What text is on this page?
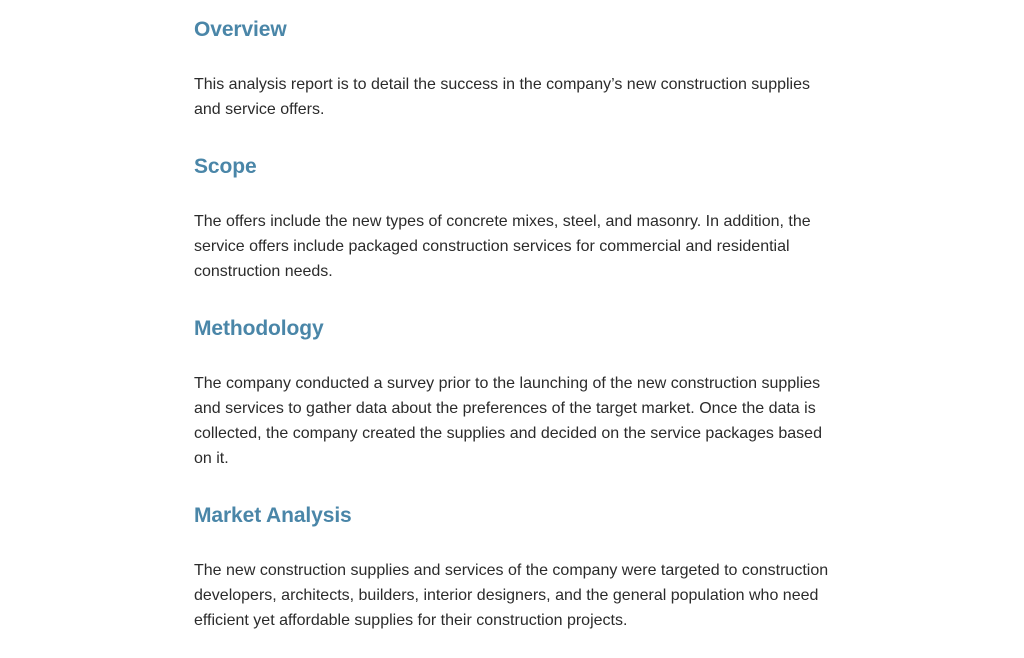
Overview

This analysis report is to detail the success in the company’s new construction supplies and service offers.

Scope

The offers include the new types of concrete mixes, steel, and masonry. In addition, the service offers include packaged construction services for commercial and residential construction needs.

Methodology

The company conducted a survey prior to the launching of the new construction supplies and services to gather data about the preferences of the target market. Once the data is collected, the company created the supplies and decided on the service packages based on it.

Market Analysis

The new construction supplies and services of the company were targeted to construction developers, architects, builders, interior designers, and the general population who need efficient yet affordable supplies for their construction projects.
